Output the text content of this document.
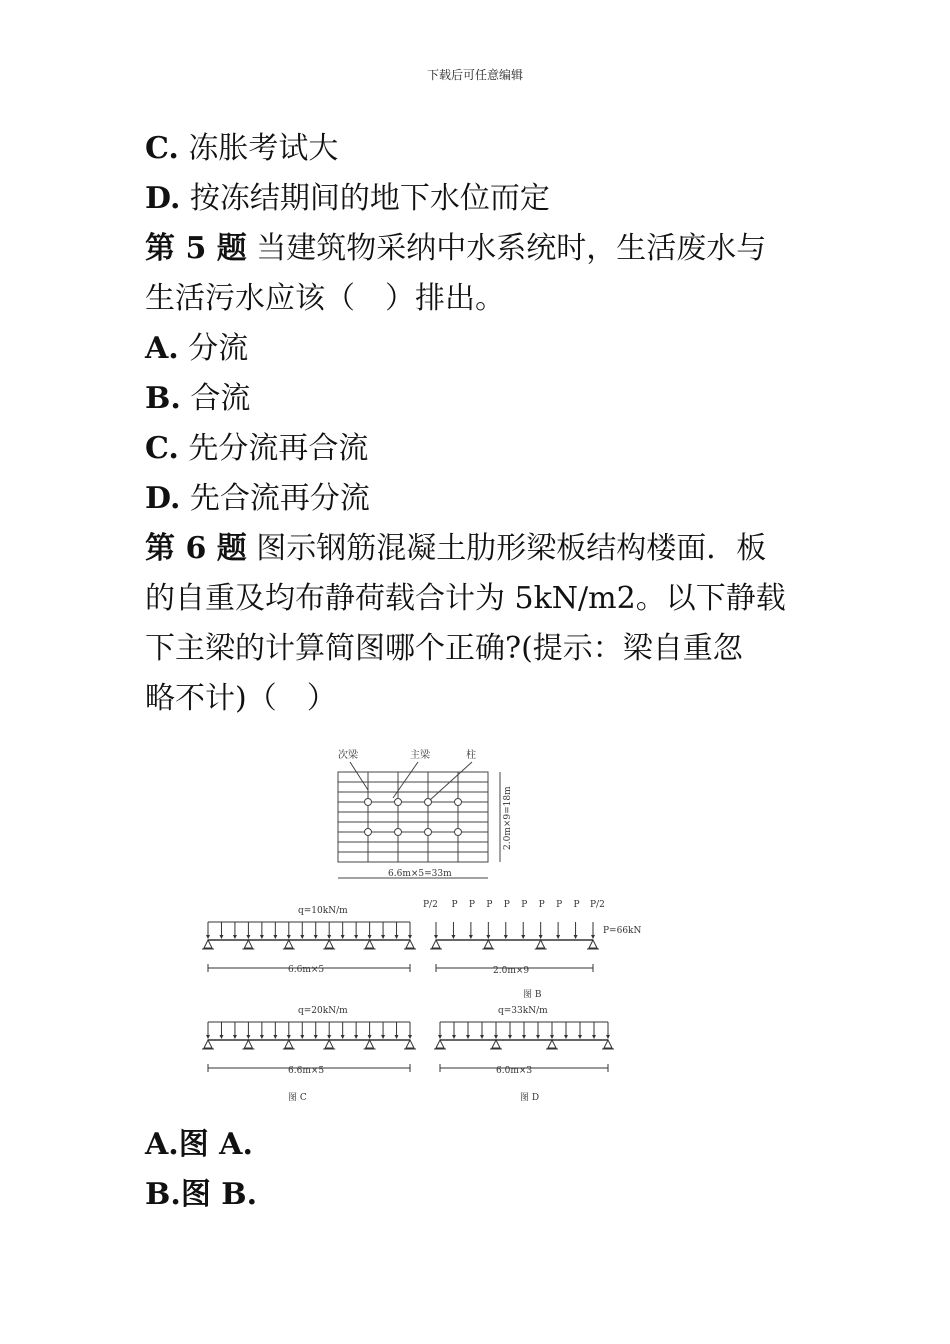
下载后可任意编辑
C. 冻胀考试大
D. 按冻结期间的地下水位而定
第 5 题 当建筑物采纳中水系统时，生活废水与
生活污水应该（　）排出。
A. 分流
B. 合流
C. 先分流再合流
D. 先合流再分流
第 6 题 图示钢筋混凝土肋形梁板结构楼面．板
的自重及均布静荷载合计为 5kN/m2。以下静载
下主梁的计算简图哪个正确?(提示：梁自重忽
略不计)（　）
次梁	主梁	柱
6.6m×5=33m
2.0m×9=18m
q=10kN/m
6.6m×5
P P P P P P P P
P/2	P/2
P=66kN
2.0m×9
图 B
q=20kN/m
6.6m×5
图 C
q=33kN/m
6.0m×3
图 D
A.图 A.
B.图 B.
